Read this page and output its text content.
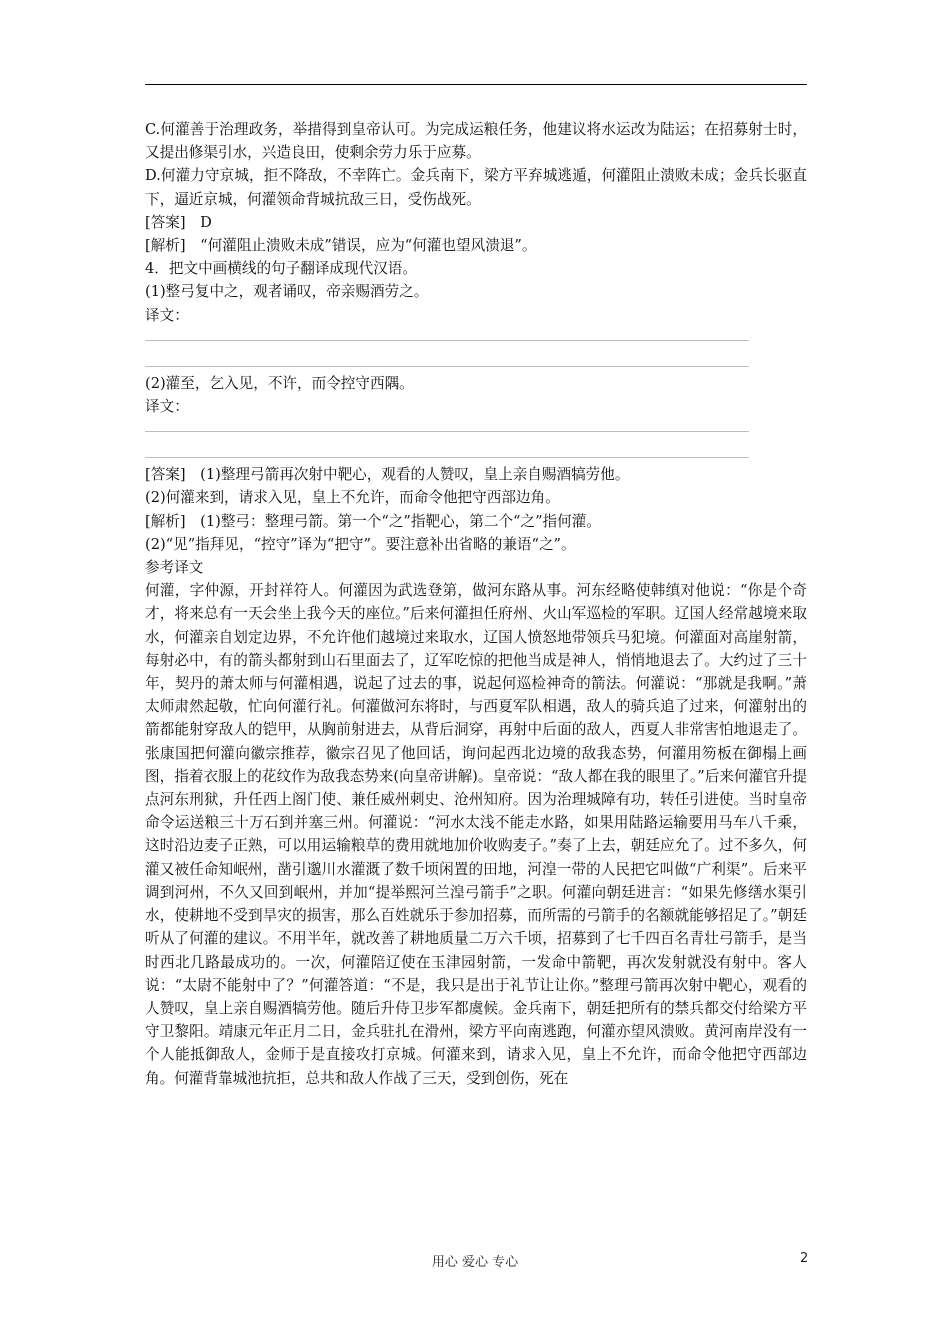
C.何灌善于治理政务，举措得到皇帝认可。为完成运粮任务，他建议将水运改为陆运；在招募射士时，又提出修渠引水，兴造良田，使剩余劳力乐于应募。

D.何灌力守京城，拒不降敌，不幸阵亡。金兵南下，梁方平弃城逃遁，何灌阻止溃败未成；金兵长驱直下，逼近京城，何灌领命背城抗敌三日，受伤战死。

[答案]　D

[解析]　“何灌阻止溃败未成”错误，应为“何灌也望风溃退”。

4．把文中画横线的句子翻译成现代汉语。

(1)整弓复中之，观者诵叹，帝亲赐酒劳之。

译文：

(2)灌至，乞入见，不许，而令控守西隅。

译文：

[答案]　(1)整理弓箭再次射中靶心，观看的人赞叹，皇上亲自赐酒犒劳他。

(2)何灌来到，请求入见，皇上不允许，而命令他把守西部边角。

[解析]　(1)整弓：整理弓箭。第一个“之”指靶心，第二个“之”指何灌。

(2)“见”指拜见，“控守”译为“把守”。要注意补出省略的兼语“之”。

参考译文

何灌，字仲源，开封祥符人。何灌因为武选登第，做河东路从事。河东经略使韩缜对他说：“你是个奇才，将来总有一天会坐上我今天的座位。”后来何灌担任府州、火山军巡检的军职。辽国人经常越境来取水，何灌亲自划定边界，不允许他们越境过来取水，辽国人愤怒地带领兵马犯境。何灌面对高崖射箭，每射必中，有的箭头都射到山石里面去了，辽军吃惊的把他当成是神人，悄悄地退去了。大约过了三十年，契丹的萧太师与何灌相遇，说起了过去的事，说起何巡检神奇的箭法。何灌说：“那就是我啊。”萧太师肃然起敬，忙向何灌行礼。何灌做河东将时，与西夏军队相遇，敌人的骑兵追了过来，何灌射出的箭都能射穿敌人的铠甲，从胸前射进去，从背后洞穿，再射中后面的敌人，西夏人非常害怕地退走了。张康国把何灌向徽宗推荐，徽宗召见了他回话，询问起西北边境的敌我态势，何灌用笏板在御榻上画图，指着衣服上的花纹作为敌我态势来(向皇帝讲解)。皇帝说：“敌人都在我的眼里了。”后来何灌官升提点河东刑狱，升任西上阁门使、兼任威州刺史、沧州知府。因为治理城障有功，转任引进使。当时皇帝命令运送粮三十万石到并塞三州。何灌说：“河水太浅不能走水路，如果用陆路运输要用马车八千乘，这时沿边麦子正熟，可以用运输粮草的费用就地加价收购麦子。”奏了上去，朝廷应允了。过不多久，何灌又被任命知岷州，凿引邈川水灌溉了数千顷闲置的田地，河湟一带的人民把它叫做“广利渠”。后来平调到河州，不久又回到岷州，并加“提举熙河兰湟弓箭手”之职。何灌向朝廷进言：“如果先修缮水渠引水，使耕地不受到旱灾的损害，那么百姓就乐于参加招募，而所需的弓箭手的名额就能够招足了。”朝廷听从了何灌的建议。不用半年，就改善了耕地质量二万六千顷，招募到了七千四百名青壮弓箭手，是当时西北几路最成功的。一次，何灌陪辽使在玉津园射箭，一发命中箭靶，再次发射就没有射中。客人说：“太尉不能射中了？”何灌答道：“不是，我只是出于礼节让让你。”整理弓箭再次射中靶心，观看的人赞叹，皇上亲自赐酒犒劳他。随后升侍卫步军都虞候。金兵南下，朝廷把所有的禁兵都交付给梁方平守卫黎阳。靖康元年正月二日，金兵驻扎在滑州，梁方平向南逃跑，何灌亦望风溃败。黄河南岸没有一个人能抵御敌人，金师于是直接攻打京城。何灌来到，请求入见，皇上不允许，而命令他把守西部边角。何灌背靠城池抗拒，总共和敌人作战了三天，受到创伤，死在

用心 爱心 专心	2
